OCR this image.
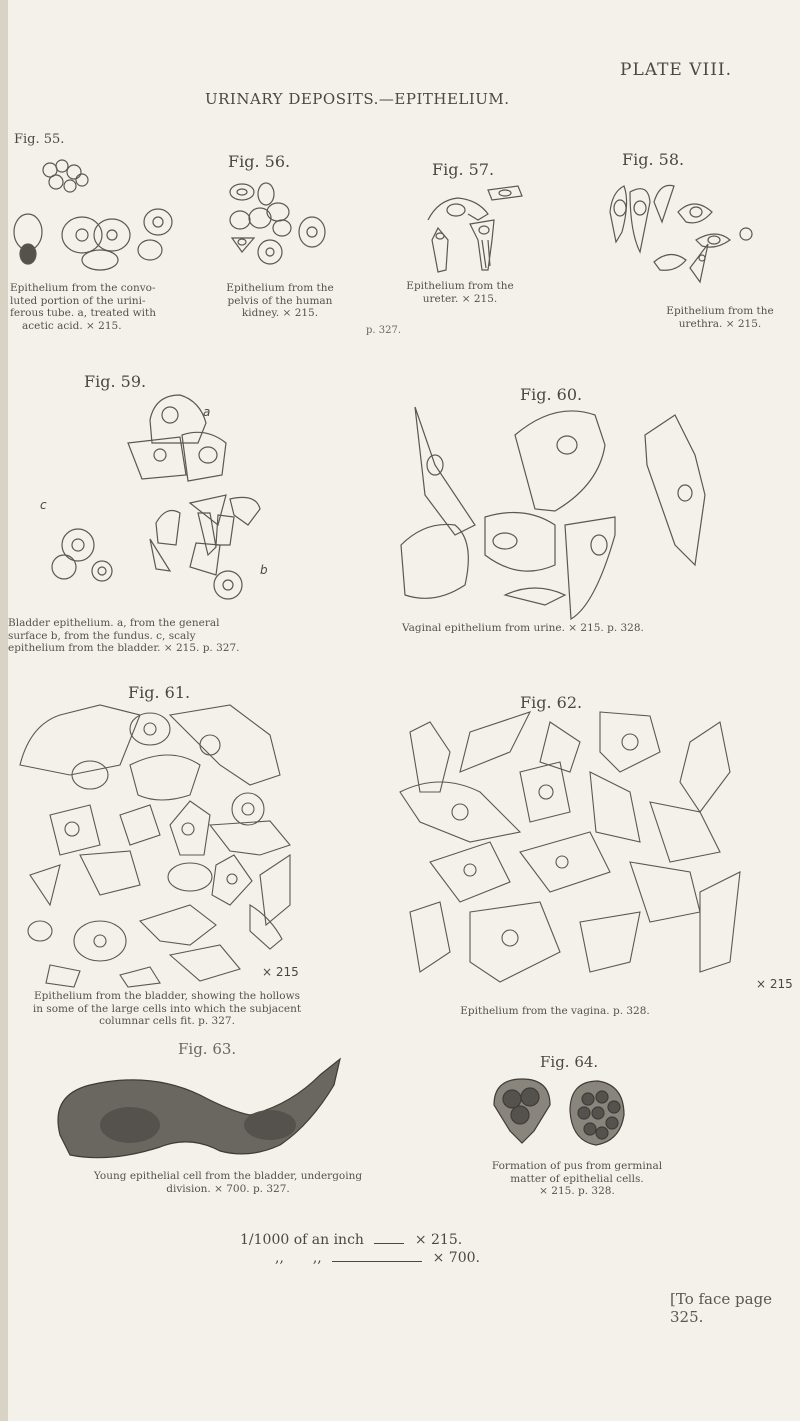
PLATE VIII.
URINARY DEPOSITS.—EPITHELIUM.
Fig. 55.
Epithelium from the convo-
luted portion of the urini-
ferous tube. a, treated with
acetic acid. × 215.
Fig. 56.
Epithelium from the
pelvis of the human
kidney. × 215.
p. 327.
Fig. 57.
Epithelium from the
ureter. × 215.
Fig. 58.
Epithelium from the
urethra. × 215.
Fig. 59.
a
c
b
Bladder epithelium. a, from the general
surface b, from the fundus. c, scaly
epithelium from the bladder. × 215. p. 327.
Fig. 60.
Vaginal epithelium from urine. × 215. p. 328.
Fig. 61.
× 215
Epithelium from the bladder, showing the hollows
in some of the large cells into which the subjacent
columnar cells fit. p. 327.
Fig. 62.
× 215
Epithelium from the vagina. p. 328.
Fig. 63.
Young epithelial cell from the bladder, undergoing
division. × 700. p. 327.
Fig. 64.
Formation of pus from germinal
matter of epithelial cells.
× 215. p. 328.
1/1000 of an inch	× 215.
,, ,,	× 700.
[To face page 325.
